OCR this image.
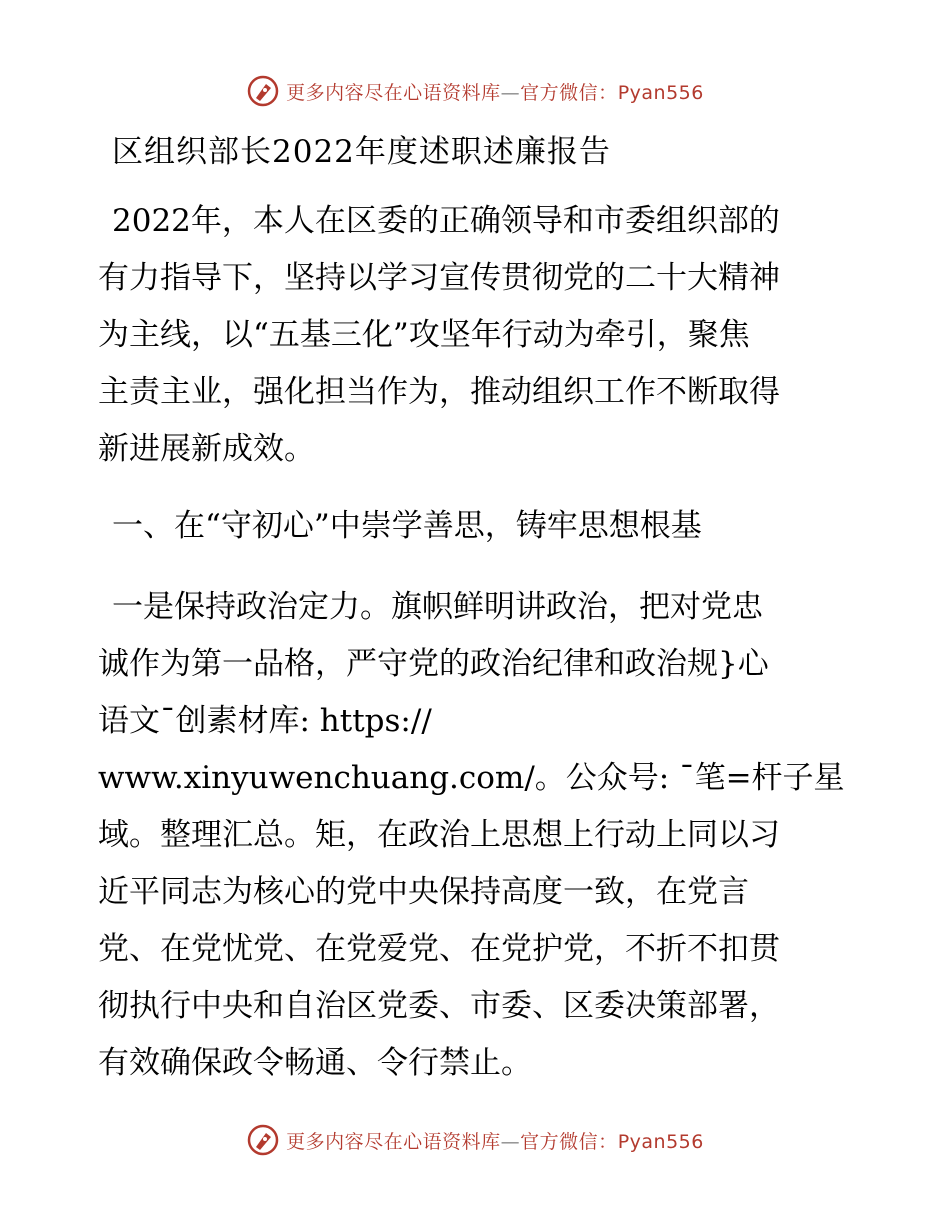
更多内容尽在心语资料库—官方微信：Pyan556
区组织部长2022年度述职述廉报告
2022年，本人在区委的正确领导和市委组织部的
有力指导下，坚持以学习宣传贯彻党的二十大精神
为主线，以“五基三化”攻坚年行动为牵引，聚焦
主责主业，强化担当作为，推动组织工作不断取得
新进展新成效。
一、在“守初心”中崇学善思，铸牢思想根基
一是保持政治定力。旗帜鲜明讲政治，把对党忠
诚作为第一品格，严守党的政治纪律和政治规}心
语文¯创素材库: https://
www.xinyuwenchuang.com/。公众号: ¯笔=杆子星
域。整理汇总。矩，在政治上思想上行动上同以习
近平同志为核心的党中央保持高度一致，在党言
党、在党忧党、在党爱党、在党护党，不折不扣贯
彻执行中央和自治区党委、市委、区委决策部署，
有效确保政令畅通、令行禁止。
更多内容尽在心语资料库—官方微信：Pyan556
